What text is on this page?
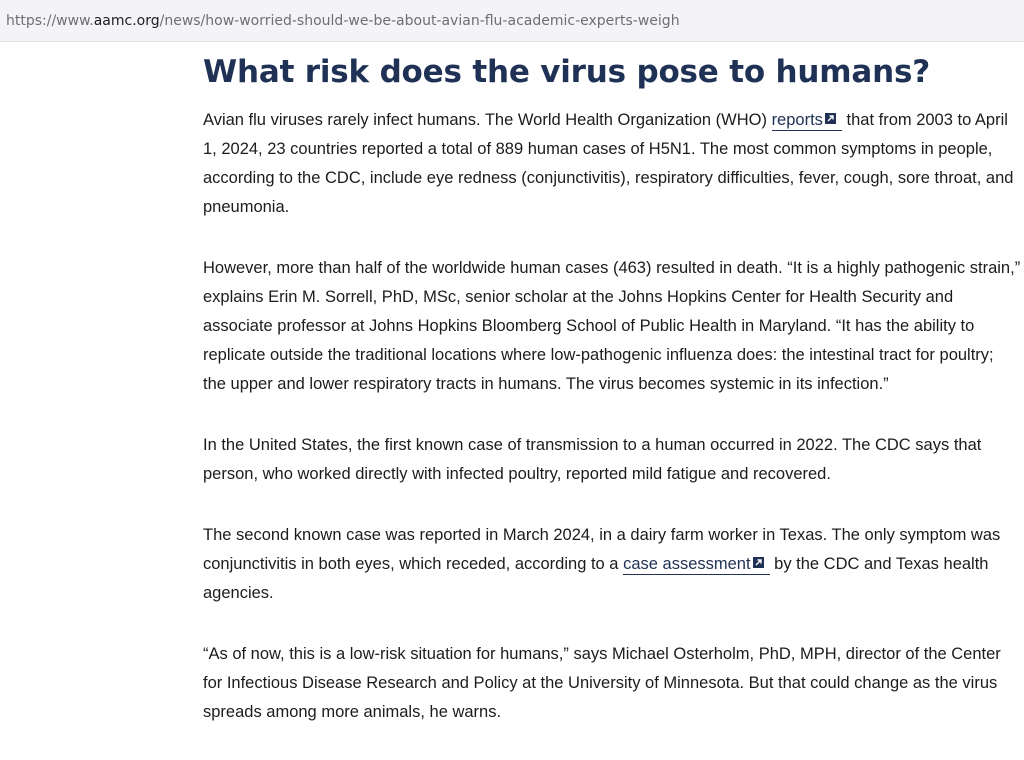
https://www.aamc.org/news/how-worried-should-we-be-about-avian-flu-academic-experts-weigh
What risk does the virus pose to humans?

Avian flu viruses rarely infect humans. The World Health Organization (WHO) reports that from 2003 to April 1, 2024, 23 countries reported a total of 889 human cases of H5N1. The most common symptoms in people, according to the CDC, include eye redness (conjunctivitis), respiratory difficulties, fever, cough, sore throat, and pneumonia.

However, more than half of the worldwide human cases (463) resulted in death. “It is a highly pathogenic strain,” explains Erin M. Sorrell, PhD, MSc, senior scholar at the Johns Hopkins Center for Health Security and associate professor at Johns Hopkins Bloomberg School of Public Health in Maryland. “It has the ability to replicate outside the traditional locations where low-pathogenic influenza does: the intestinal tract for poultry; the upper and lower respiratory tracts in humans. The virus becomes systemic in its infection.”

In the United States, the first known case of transmission to a human occurred in 2022. The CDC says that person, who worked directly with infected poultry, reported mild fatigue and recovered.

The second known case was reported in March 2024, in a dairy farm worker in Texas. The only symptom was conjunctivitis in both eyes, which receded, according to a case assessment by the CDC and Texas health agencies.

“As of now, this is a low-risk situation for humans,” says Michael Osterholm, PhD, MPH, director of the Center for Infectious Disease Research and Policy at the University of Minnesota. But that could change as the virus spreads among more animals, he warns.
